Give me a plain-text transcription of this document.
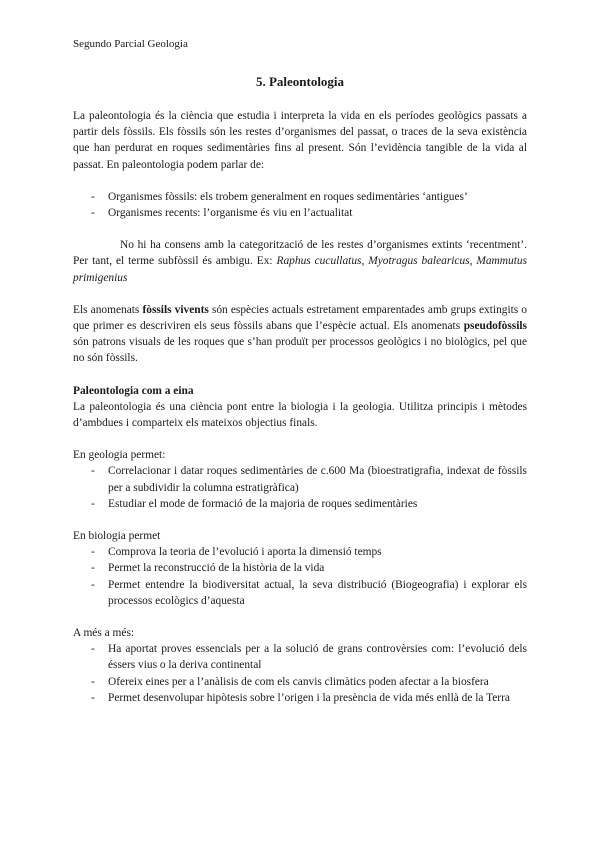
Segundo Parcial Geologia
5. Paleontologia

La paleontologia és la ciència que estudia i interpreta la vida en els períodes geològics passats a partir dels fòssils. Els fòssils són les restes d’organismes del passat, o traces de la seva existència que han perdurat en roques sedimentàries fins al present. Són l’evidència tangible de la vida al passat. En paleontologia podem parlar de:

- Organismes fòssils: els trobem generalment en roques sedimentàries ‘antigues’
- Organismes recents: l’organisme és viu en l’actualitat

No hi ha consens amb la categorització de les restes d’organismes extints ‘recentment’. Per tant, el terme subfòssil és ambigu. Ex: Raphus cucullatus, Myotragus balearicus, Mammutus primigenius

Els anomenats fòssils vivents són espècies actuals estretament emparentades amb grups extingits o que primer es descriviren els seus fòssils abans que l’espècie actual. Els anomenats pseudofòssils són patrons visuals de les roques que s’han produït per processos geològics i no biològics, pel que no són fòssils.

Paleontologia com a eina

La paleontologia és una ciència pont entre la biologia i la geologia. Utilitza principis i mètodes d’ambdues i comparteix els mateixos objectius finals.

En geologia permet:

- Correlacionar i datar roques sedimentàries de c.600 Ma (bioestratigrafia, indexat de fòssils per a subdividir la columna estratigràfica)
- Estudiar el mode de formació de la majoria de roques sedimentàries

En biologia permet

- Comprova la teoria de l’evolució i aporta la dimensió temps
- Permet la reconstrucció de la història de la vida
- Permet entendre la biodiversitat actual, la seva distribució (Biogeografia) i explorar els processos ecològics d’aquesta

A més a més:

- Ha aportat proves essencials per a la solució de grans controvèrsies com: l’evolució dels éssers vius o la deriva continental
- Ofereix eines per a l’anàlisis de com els canvis climàtics poden afectar a la biosfera
- Permet desenvolupar hipòtesis sobre l’origen i la presència de vida més enllà de la Terra
